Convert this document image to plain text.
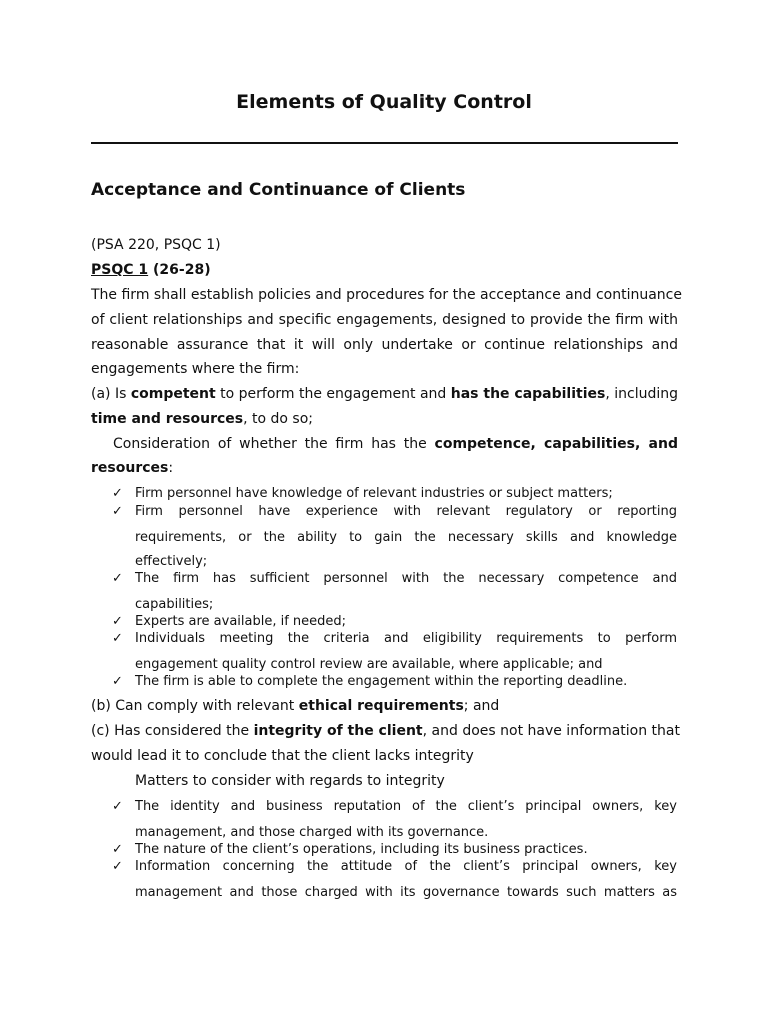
Elements of Quality Control
Acceptance and Continuance of Clients
(PSA 220, PSQC 1)
PSQC 1 (26-28)
The firm shall establish policies and procedures for the acceptance and continuance
of client relationships and specific engagements, designed to provide the firm with
reasonable assurance that it will only undertake or continue relationships and
engagements where the firm:
(a) Is competent to perform the engagement and has the capabilities, including
time and resources, to do so;
Consideration of whether the firm has the competence, capabilities, and
resources:
✓ Firm personnel have knowledge of relevant industries or subject matters;
✓ Firm personnel have experience with relevant regulatory or reporting
requirements, or the ability to gain the necessary skills and knowledge
effectively;
✓ The firm has sufficient personnel with the necessary competence and
capabilities;
✓ Experts are available, if needed;
✓ Individuals meeting the criteria and eligibility requirements to perform
engagement quality control review are available, where applicable; and
✓ The firm is able to complete the engagement within the reporting deadline.
(b) Can comply with relevant ethical requirements; and
(c) Has considered the integrity of the client, and does not have information that
would lead it to conclude that the client lacks integrity
Matters to consider with regards to integrity
✓ The identity and business reputation of the client’s principal owners, key
management, and those charged with its governance.
✓ The nature of the client’s operations, including its business practices.
✓ Information concerning the attitude of the client’s principal owners, key
management and those charged with its governance towards such matters as
